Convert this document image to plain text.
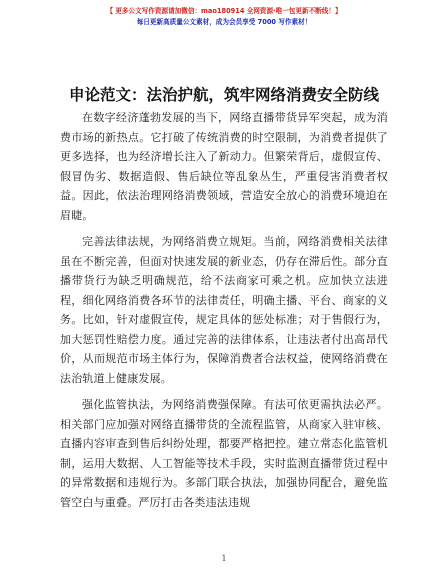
【 更多公文写作资源请加微信：mao180914 全网资源·唯一包更新不断线！】
每日更新高质量公文素材，成为会员享受 7000 写作素材！
申论范文：法治护航，筑牢网络消费安全防线

在数字经济蓬勃发展的当下，网络直播带货异军突起，成为消费市场的新热点。它打破了传统消费的时空限制，为消费者提供了更多选择，也为经济增长注入了新动力。但繁荣背后，虚假宣传、假冒伪劣、数据造假、售后缺位等乱象丛生，严重侵害消费者权益。因此，依法治理网络消费领域，营造安全放心的消费环境迫在眉睫。

完善法律法规，为网络消费立规矩。当前，网络消费相关法律虽在不断完善，但面对快速发展的新业态，仍存在滞后性。部分直播带货行为缺乏明确规范，给不法商家可乘之机。应加快立法进程，细化网络消费各环节的法律责任，明确主播、平台、商家的义务。比如，针对虚假宣传，规定具体的惩处标准；对于售假行为，加大惩罚性赔偿力度。通过完善的法律体系，让违法者付出高昂代价，从而规范市场主体行为，保障消费者合法权益，使网络消费在法治轨道上健康发展。

强化监管执法，为网络消费强保障。有法可依更需执法必严。相关部门应加强对网络直播带货的全流程监管，从商家入驻审核、直播内容审查到售后纠纷处理，都要严格把控。建立常态化监管机制，运用大数据、人工智能等技术手段，实时监测直播带货过程中的异常数据和违规行为。多部门联合执法，加强协同配合，避免监管空白与重叠。严厉打击各类违法违规

1
